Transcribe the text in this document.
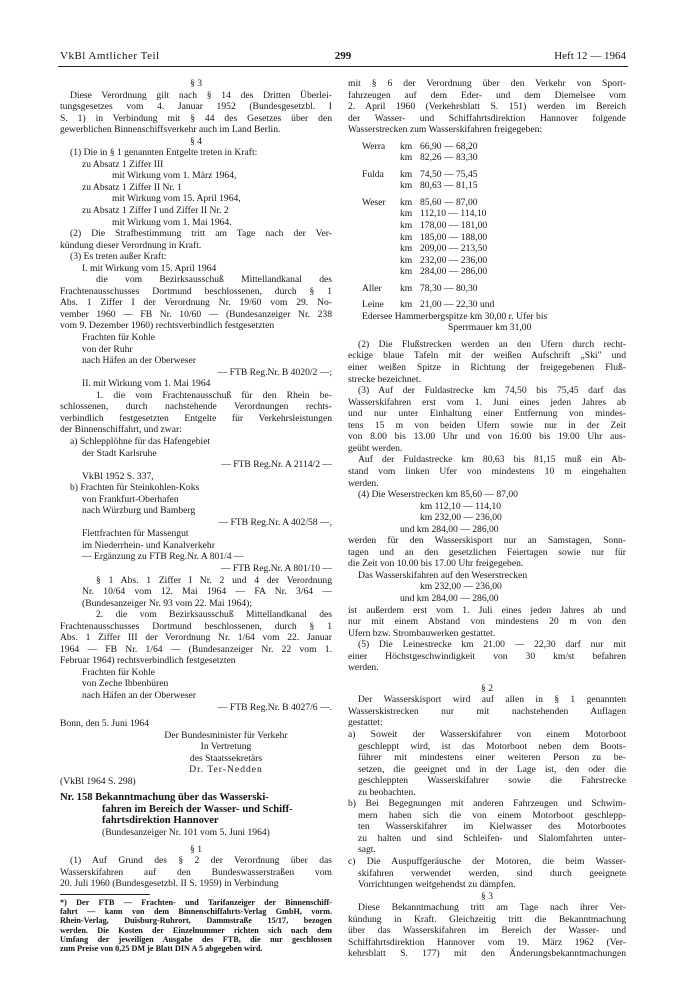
VkBl Amtlicher Teil	299	Heft 12 — 1964
§ 3
Diese Verordnung gilt nach § 14 des Dritten Überlei-
tungsgesetzes vom 4. Januar 1952 (Bundesgesetzbl. I
S. 1) in Verbindung mit § 44 des Gesetzes über den
gewerblichen Binnenschiffsverkehr auch im Land Berlin.
§ 4
(1) Die in § 1 genannten Entgelte treten in Kraft:
zu Absatz 1 Ziffer III
mit Wirkung vom 1. März 1964,
zu Absatz 1 Ziffer II Nr. 1
mit Wirkung vom 15. April 1964,
zu Absatz 1 Ziffer I und Ziffer II Nr. 2
mit Wirkung vom 1. Mai 1964.
(2) Die Strafbestimmung tritt am Tage nach der Ver-
kündung dieser Verordnung in Kraft.
(3) Es treten außer Kraft:
I. mit Wirkung vom 15. April 1964
die vom Bezirksausschuß Mittellandkanal des
Frachtenausschusses Dortmund beschlossenen, durch § 1
Abs. 1 Ziffer I der Verordnung Nr. 19/60 vom 29. No-
vember 1960 — FB Nr. 10/60 — (Bundesanzeiger Nr. 238
vom 9. Dezember 1960) rechtsverbindlich festgesetzten
Frachten für Kohle
von der Ruhr
nach Häfen an der Oberweser
— FTB Reg.Nr. B 4020/2 —;
II. mit Wirkung vom 1. Mai 1964
1. die vom Frachtenausschuß für den Rhein be-
schlossenen, durch nachstehende Verordnungen rechts-
verbindlich festgesetzten Entgelte für Verkehrsleistungen
der Binnenschiffahrt, und zwar:
a) Schlepplöhne für das Hafengebiet
der Stadt Karlsruhe
— FTB Reg.Nr. A 2114/2 —
VkBl 1952 S. 337,
b) Frachten für Steinkohlen-Koks
von Frankfurt-Oberhafen
nach Würzburg und Bamberg
— FTB Reg.Nr. A 402/58 —,
Flettfrachten für Massengut
im Niederrhein- und Kanalverkehr
— Ergänzung zu FTB Reg.Nr. A 801/4 —
— FTB Reg.Nr. A 801/10 —
§ 1 Abs. 1 Ziffer I Nr. 2 und 4 der Verordnung
Nr. 10/64 vom 12. Mai 1964 — FA Nr. 3/64 —
(Bundesanzeiger Nr. 93 vom 22. Mai 1964);
2. die vom Bezirksausschuß Mittellandkanal des
Frachtenausschusses Dortmund beschlossenen, durch § 1
Abs. 1 Ziffer III der Verordnung Nr. 1/64 vom 22. Januar
1964 — FB Nr. 1/64 — (Bundesanzeiger Nr. 22 vom 1.
Februar 1964) rechtsverbindlich festgesetzten
Frachten für Kohle
von Zeche Ibbenbüren
nach Häfen an der Oberweser
— FTB Reg.Nr. B 4027/6 —.
Bonn, den 5. Juni 1964
Der Bundesminister für Verkehr
In Vertretung
des Staatssekretärs
Dr. Ter-Nedden
(VkBl 1964 S. 298)
Nr. 158 Bekanntmachung über das Wasserski-
fahren im Bereich der Wasser- und Schiff-
fahrtsdirektion Hannover
(Bundesanzeiger Nr. 101 vom 5. Juni 1964)
§ 1
(1) Auf Grund des § 2 der Verordnung über das
Wasserskifahren auf den Bundeswasserstraßen vom
20. Juli 1960 (Bundesgesetzbl. II S. 1959) in Verbindung
*) Der FTB — Frachten- und Tarifanzeiger der Binnenschiff-
fahrt — kann von dem Binnenschiffahrts-Verlag GmbH, vorm.
Rhein-Verlag, Duisburg-Ruhrort, Dammstraße 15/17, bezogen
werden. Die Kosten der Einzelnummer richten sich nach dem
Umfang der jeweiligen Ausgabe des FTB, die nur geschlossen
zum Preise von 0,25 DM je Blatt DIN A 5 abgegeben wird.
mit § 6 der Verordnung über den Verkehr von Sport-
fahrzeugen auf dem Eder- und dem Diemelsee vom
2. April 1960 (Verkehrsblatt S. 151) werden im Bereich
der Wasser- und Schiffahrtsdirektion Hannover folgende
Wasserstrecken zum Wasserskifahren freigegeben:
Werra	km 66,90 — 68,20
km 82,26 — 83,30
Fulda	km 74,50 — 75,45
km 80,63 — 81,15
Weser	km 85,60 — 87,00
km 112,10 — 114,10
km 178,00 — 181,00
km 185,00 — 188,00
km 209,00 — 213,50
km 232,00 — 236,00
km 284,00 — 286,00
Aller	km 78,30 — 80,30
Leine	km 21,00 — 22,30 und
Edersee Hammerbergspitze km 30,00 r. Ufer bis
Sperrmauer km 31,00
(2) Die Flußstrecken werden an den Ufern durch recht-
eckige blaue Tafeln mit der weißen Aufschrift „Ski" und
einer weißen Spitze in Richtung der freigegebenen Fluß-
strecke bezeichnet.
(3) Auf der Fuldastrecke km 74,50 bis 75,45 darf das
Wasserskifahren erst vom 1. Juni eines jeden Jahres ab
und nur unter Einhaltung einer Entfernung von mindes-
tens 15 m von beiden Ufern sowie nur in der Zeit
von 8.00 bis 13.00 Uhr und von 16.00 bis 19.00 Uhr aus-
geübt werden.
Auf der Fuldastrecke km 80,63 bis 81,15 muß ein Ab-
stand vom linken Ufer von mindestens 10 m eingehalten
werden.
(4) Die Weserstrecken km 85,60 — 87,00
km 112,10 — 114,10
km 232,00 — 236,00
und km 284,00 — 286,00
werden für den Wasserskisport nur an Samstagen, Sonn-
tagen und an den gesetzlichen Feiertagen sowie nur für
die Zeit von 10.00 bis 17.00 Uhr freigegeben.
Das Wasserskifahren auf den Weserstrecken
km 232,00 — 236,00
und km 284,00 — 286,00
ist außerdem erst vom 1. Juli eines jeden Jahres ab und
nur mit einem Abstand von mindestens 20 m von den
Ufern bzw. Strombauwerken gestattet.
(5) Die Leinestrecke km 21.00 — 22,30 darf nur mit
einer Höchstgeschwindigkeit von 30 km/st befahren
werden.
§ 2
Der Wasserskisport wird auf allen in § 1 genannten
Wasserskistrecken nur mit nachstehenden Auflagen
gestattet:
a) Soweit der Wasserskifahrer von einem Motorboot
geschleppt wird, ist das Motorboot neben dem Boots-
führer mit mindestens einer weiteren Person zu be-
setzen, die geeignet und in der Lage ist, den oder die
geschleppten Wasserskifahrer sowie die Fahrstrecke
zu beobachten.
b) Bei Begegnungen mit anderen Fahrzeugen und Schwim-
mern haben sich die von einem Motorboot geschlepp-
ten Wasserskifahrer im Kielwasser des Motorbootes
zu halten und sind Schleifen- und Slalomfahrten unter-
sagt.
c) Die Auspuffgeräusche der Motoren, die beim Wasser-
skifahren verwendet werden, sind durch geeignete
Vorrichtungen weitgehendst zu dämpfen.
§ 3
Diese Bekanntmachung tritt am Tage nach ihrer Ver-
kündung in Kraft. Gleichzeitig tritt die Bekanntmachung
über das Wasserskifahren im Bereich der Wasser- und
Schiffahrtsdirektion Hannover vom 19. März 1962 (Ver-
kehrsblatt S. 177) mit den Änderungsbekanntmachungen
